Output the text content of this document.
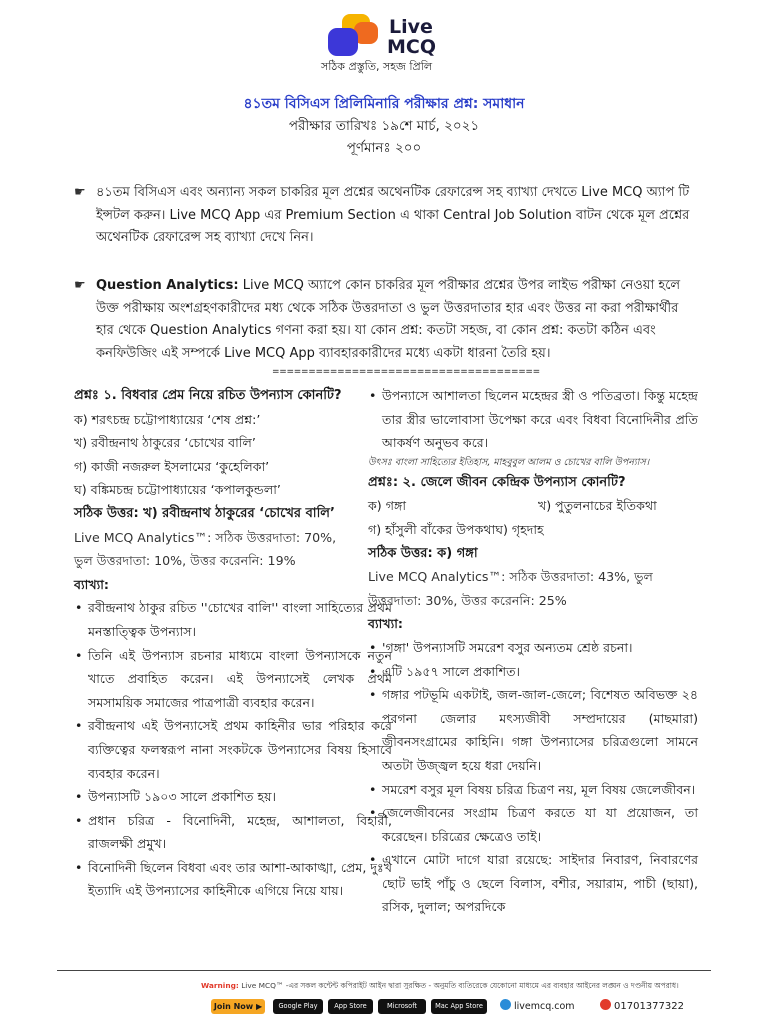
Live
MCQ
সঠিক প্রস্তুতি, সহজ প্রিলি
৪১তম বিসিএস প্রিলিমিনারি পরীক্ষার প্রশ্ন: সমাধান
পরীক্ষার তারিখঃ ১৯শে মার্চ, ২০২১
পূর্ণমানঃ ২০০
☛ ৪১তম বিসিএস এবং অন্যান্য সকল চাকরির মূল প্রশ্নের অথেনটিক রেফারেন্স সহ ব্যাখ্যা দেখতে Live MCQ অ্যাপ টি ইন্সটল করুন। Live MCQ App এর Premium Section এ থাকা Central Job Solution বাটন থেকে মূল প্রশ্নের অথেনটিক রেফারেন্স সহ ব্যাখ্যা দেখে নিন।
☛ Question Analytics: Live MCQ অ্যাপে কোন চাকরির মূল পরীক্ষার প্রশ্নের উপর লাইভ পরীক্ষা নেওয়া হলে উক্ত পরীক্ষায় অংশগ্রহণকারীদের মধ্য থেকে সঠিক উত্তরদাতা ও ভুল উত্তরদাতার হার এবং উত্তর না করা পরীক্ষার্থীর হার থেকে Question Analytics গণনা করা হয়। যা কোন প্রশ্ন: কতটা সহজ, বা কোন প্রশ্ন: কতটা কঠিন এবং কনফিউজিং এই সম্পর্কে Live MCQ App ব্যাবহারকারীদের মধ্যে একটা ধারনা তৈরি হয়।
=====================================

প্রশ্নঃ ১. বিধবার প্রেম নিয়ে রচিত উপন্যাস কোনটি?

ক) শরৎচন্দ্র চট্টোপাধ্যায়ের ‘শেষ প্রশ্ন:’

খ) রবীন্দ্রনাথ ঠাকুরের ‘চোখের বালি’

গ) কাজী নজরুল ইসলামের ‘কুহেলিকা’

ঘ) বঙ্কিমচন্দ্র চট্টোপাধ্যায়ের ‘কপালকুন্ডলা’

সঠিক উত্তর: খ) রবীন্দ্রনাথ ঠাকুরের ‘চোখের বালি’

Live MCQ Analytics™: সঠিক উত্তরদাতা: 70%,

ভুল উত্তরদাতা: 10%, উত্তর করেননি: 19%

ব্যাখ্যা:

• রবীন্দ্রনাথ ঠাকুর রচিত ''চোখের বালি'' বাংলা সাহিত্যের প্রথম মনস্তাত্ত্বিক উপন্যাস।
• তিনি এই উপন্যাস রচনার মাধ্যমে বাংলা উপন্যাসকে নতুন খাতে প্রবাহিত করেন। এই উপন্যাসেই লেখক প্রথম সমসাময়িক সমাজের পাত্রপাত্রী ব্যবহার করেন।
• রবীন্দ্রনাথ এই উপন্যাসেই প্রথম কাহিনীর ভার পরিহার করে ব্যক্তিত্বের ফলস্বরূপ নানা সংকটকে উপন্যাসের বিষয় হিসাবে ব্যবহার করেন।
• উপন্যাসটি ১৯০৩ সালে প্রকাশিত হয়।
• প্রধান চরিত্র - বিনোদিনী, মহেন্দ্র, আশালতা, বিহারী, রাজলক্ষী প্রমুখ।
• বিনোদিনী ছিলেন বিধবা এবং তার আশা-আকাঙ্খা, প্রেম, দুঃখ ইত্যাদি এই উপন্যাসের কাহিনীকে এগিয়ে নিয়ে যায়।
• উপন্যাসে আশালতা ছিলেন মহেন্দ্রর স্ত্রী ও পতিব্রতা। কিন্তু মহেন্দ্র তার স্ত্রীর ভালোবাসা উপেক্ষা করে এবং বিধবা বিনোদিনীর প্রতি আকর্ষণ অনুভব করে।

উৎসঃ বাংলা সাহিত্যের ইতিহাস, মাহবুবুল আলম ও চোখের বালি উপন্যাস।

প্রশ্নঃ: ২. জেলে জীবন কেন্দ্রিক উপন্যাস কোনটি?

ক) গঙ্গা	খ) পুতুলনাচের ইতিকথা
গ) হাঁসুলী বাঁকের উপকথা ঘ) গৃহদাহ

সঠিক উত্তর: ক) গঙ্গা

Live MCQ Analytics™: সঠিক উত্তরদাতা: 43%, ভুল

উত্তরদাতা: 30%, উত্তর করেননি: 25%

ব্যাখ্যা:

• 'গঙ্গা' উপন্যাসটি সমরেশ বসুর অন্যতম শ্রেষ্ঠ রচনা।
• এটি ১৯৫৭ সালে প্রকাশিত।
• গঙ্গার পটভূমি একটাই, জল-জাল-জেলে; বিশেষত অবিভক্ত ২৪ পরগনা জেলার মৎস্যজীবী সম্প্রদায়ের (মাছমারা) জীবনসংগ্রামের কাহিনি। গঙ্গা উপন্যাসের চরিত্রগুলো সামনে অতটা উজ্জ্বল হয়ে ধরা দেয়নি।
• সমরেশ বসুর মূল বিষয় চরিত্র চিত্রণ নয়, মূল বিষয় জেলেজীবন।
• জেলেজীবনের সংগ্রাম চিত্রণ করতে যা যা প্রয়োজন, তা করেছেন। চরিত্রের ক্ষেত্রেও তাই।
• এখানে মোটা দাগে যারা রয়েছে: সাইদার নিবারণ, নিবারণের ছোট ভাই পাঁচু ও ছেলে বিলাস, বশীর, সয়ারাম, পাচী (ছায়া), রসিক, দুলাল; অপরদিকে
Warning: Live MCQ™ -এর সকল কন্টেন্ট কপিরাইট আইন দ্বারা সুরক্ষিত - অনুমতি ব্যতিরেকে যেকোনো মাধ্যমে এর ব্যবহার আইনের লঙ্ঘন ও দণ্ডনীয় অপরাধ।
Join Now ▶	Google Play	App Store	Microsoft	Mac App Store	livemcq.com	01701377322
